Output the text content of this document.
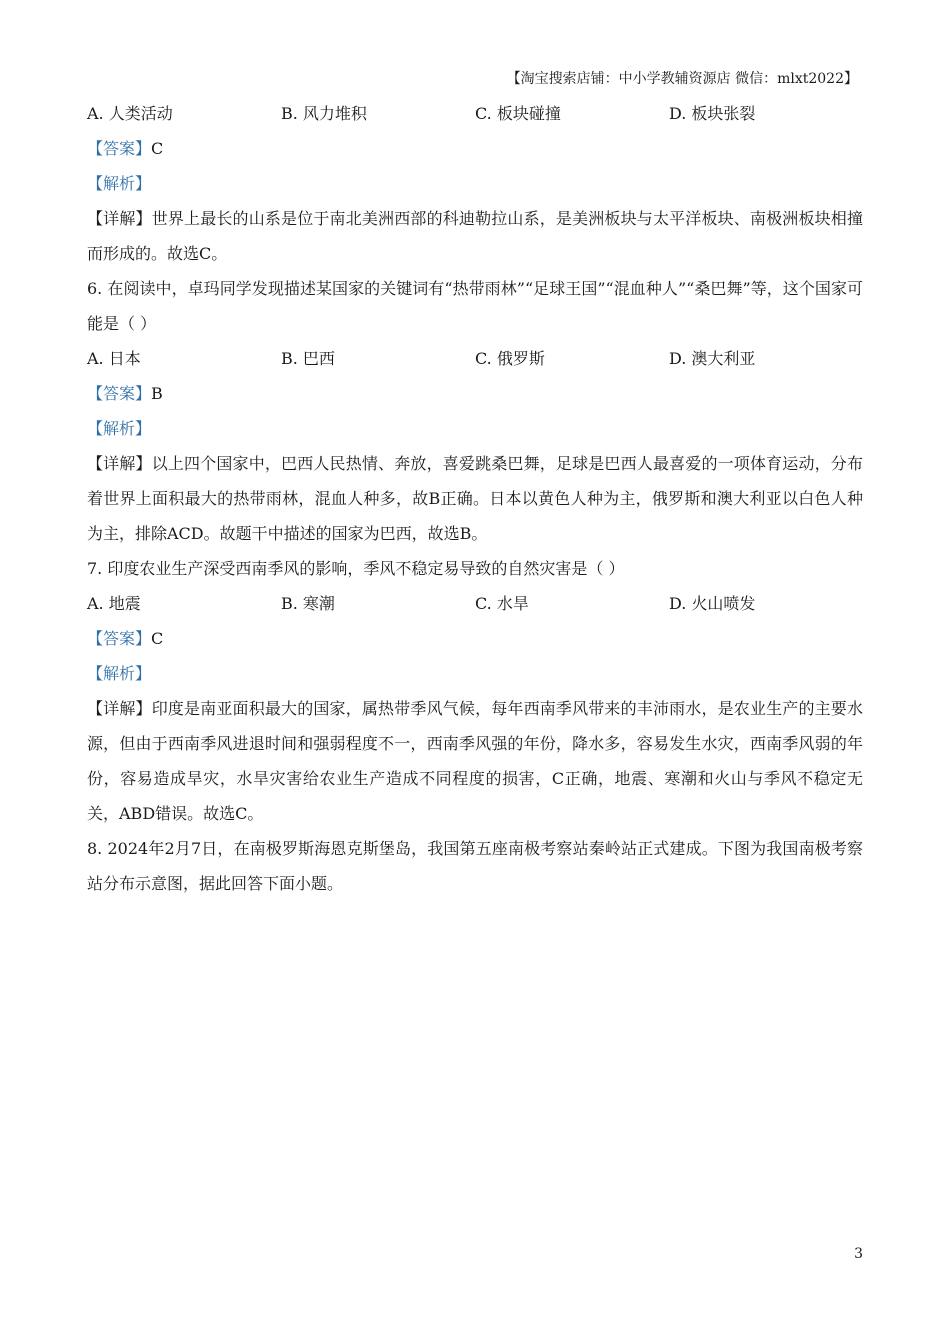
【淘宝搜索店铺：中小学教辅资源店 微信：mlxt2022】
A. 人类活动	B. 风力堆积	C. 板块碰撞	D. 板块张裂
【答案】C
【解析】
【详解】世界上最长的山系是位于南北美洲西部的科迪勒拉山系，是美洲板块与太平洋板块、南极洲板块相撞而形成的。故选C。
6. 在阅读中，卓玛同学发现描述某国家的关键词有“热带雨林”“足球王国”“混血种人”“桑巴舞”等，这个国家可能是（ ）
A. 日本	B. 巴西	C. 俄罗斯	D. 澳大利亚
【答案】B
【解析】
【详解】以上四个国家中，巴西人民热情、奔放，喜爱跳桑巴舞，足球是巴西人最喜爱的一项体育运动，分布着世界上面积最大的热带雨林，混血人种多，故B正确。日本以黄色人种为主，俄罗斯和澳大利亚以白色人种为主，排除ACD。故题干中描述的国家为巴西，故选B。
7. 印度农业生产深受西南季风的影响，季风不稳定易导致的自然灾害是（ ）
A. 地震	B. 寒潮	C. 水旱	D. 火山喷发
【答案】C
【解析】
【详解】印度是南亚面积最大的国家，属热带季风气候，每年西南季风带来的丰沛雨水，是农业生产的主要水源，但由于西南季风进退时间和强弱程度不一，西南季风强的年份，降水多，容易发生水灾，西南季风弱的年份，容易造成旱灾，水旱灾害给农业生产造成不同程度的损害，C正确，地震、寒潮和火山与季风不稳定无关，ABD错误。故选C。
8. 2024年2月7日，在南极罗斯海恩克斯堡岛，我国第五座南极考察站秦岭站正式建成。下图为我国南极考察站分布示意图，据此回答下面小题。
3
